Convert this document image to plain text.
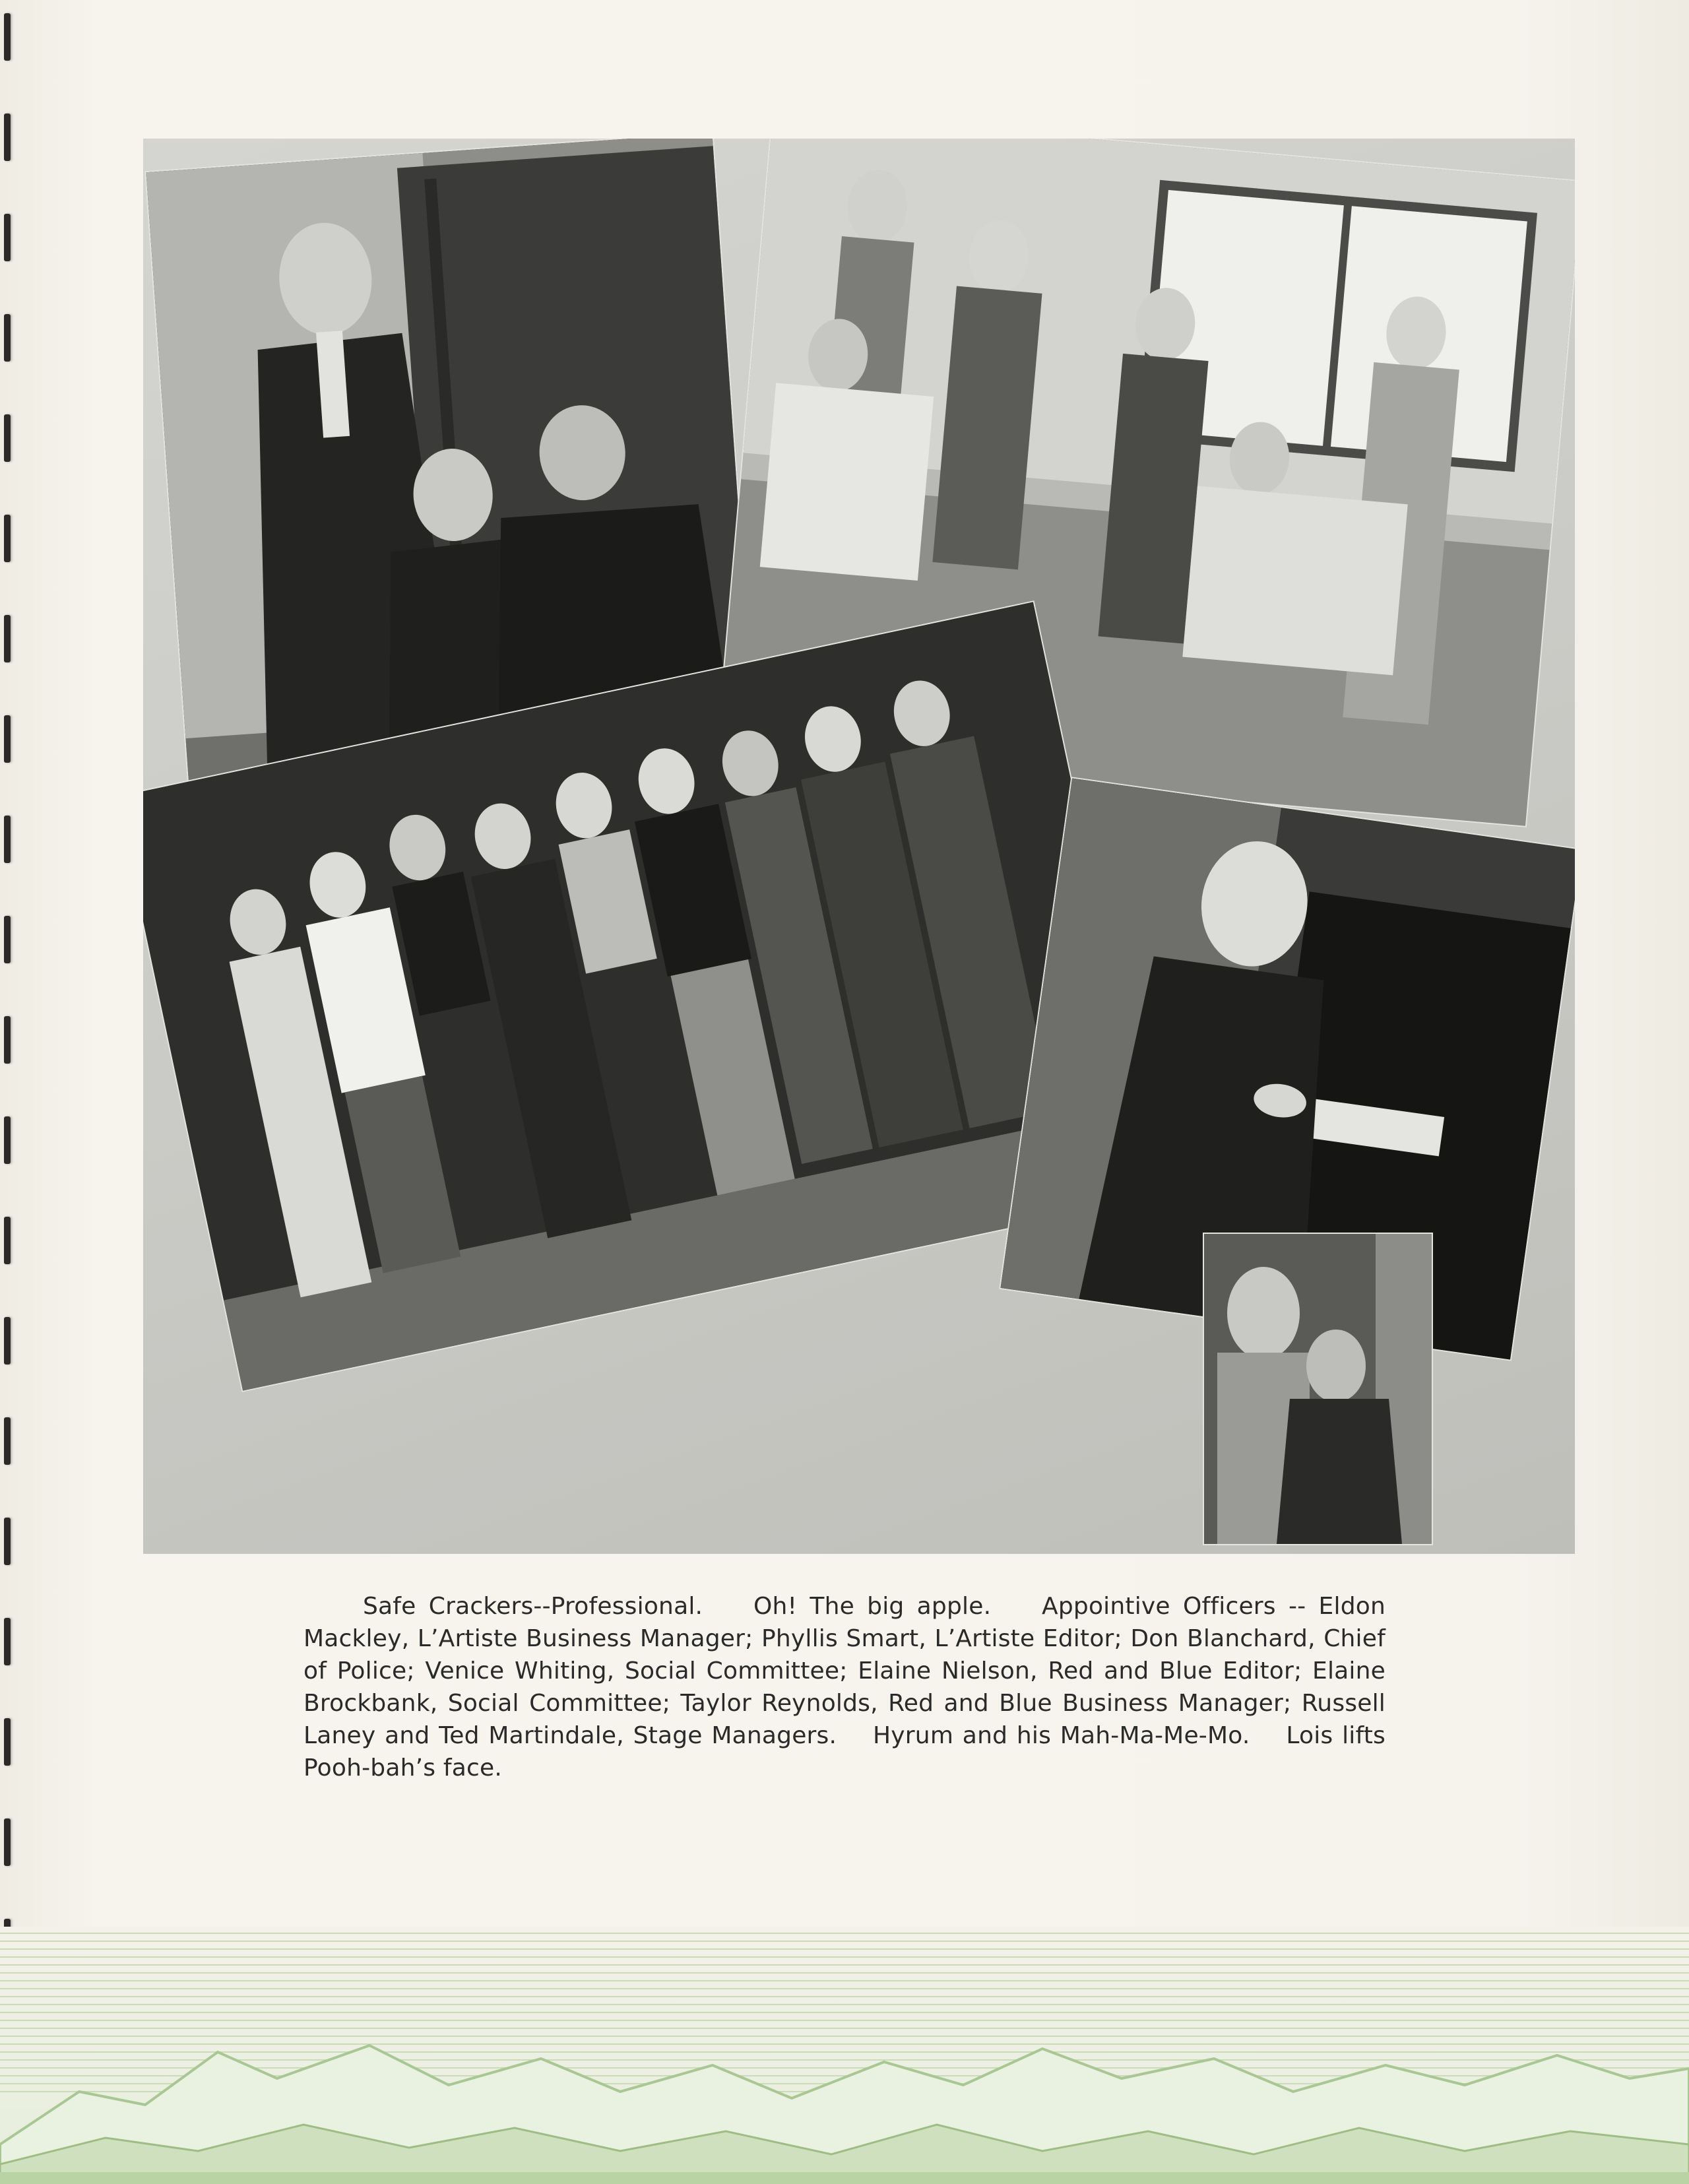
Safe Crackers--Professional. Oh! The big apple. Appointive Officers -- Eldon Mackley, L’Artiste Business Manager; Phyllis Smart, L’Artiste Editor; Don Blanchard, Chief of Police; Venice Whiting, Social Committee; Elaine Nielson, Red and Blue Editor; Elaine Brockbank, Social Committee; Taylor Reynolds, Red and Blue Business Manager; Russell Laney and Ted Martindale, Stage Managers. Hyrum and his Mah-Ma-Me-Mo. Lois lifts Pooh-bah’s face.
